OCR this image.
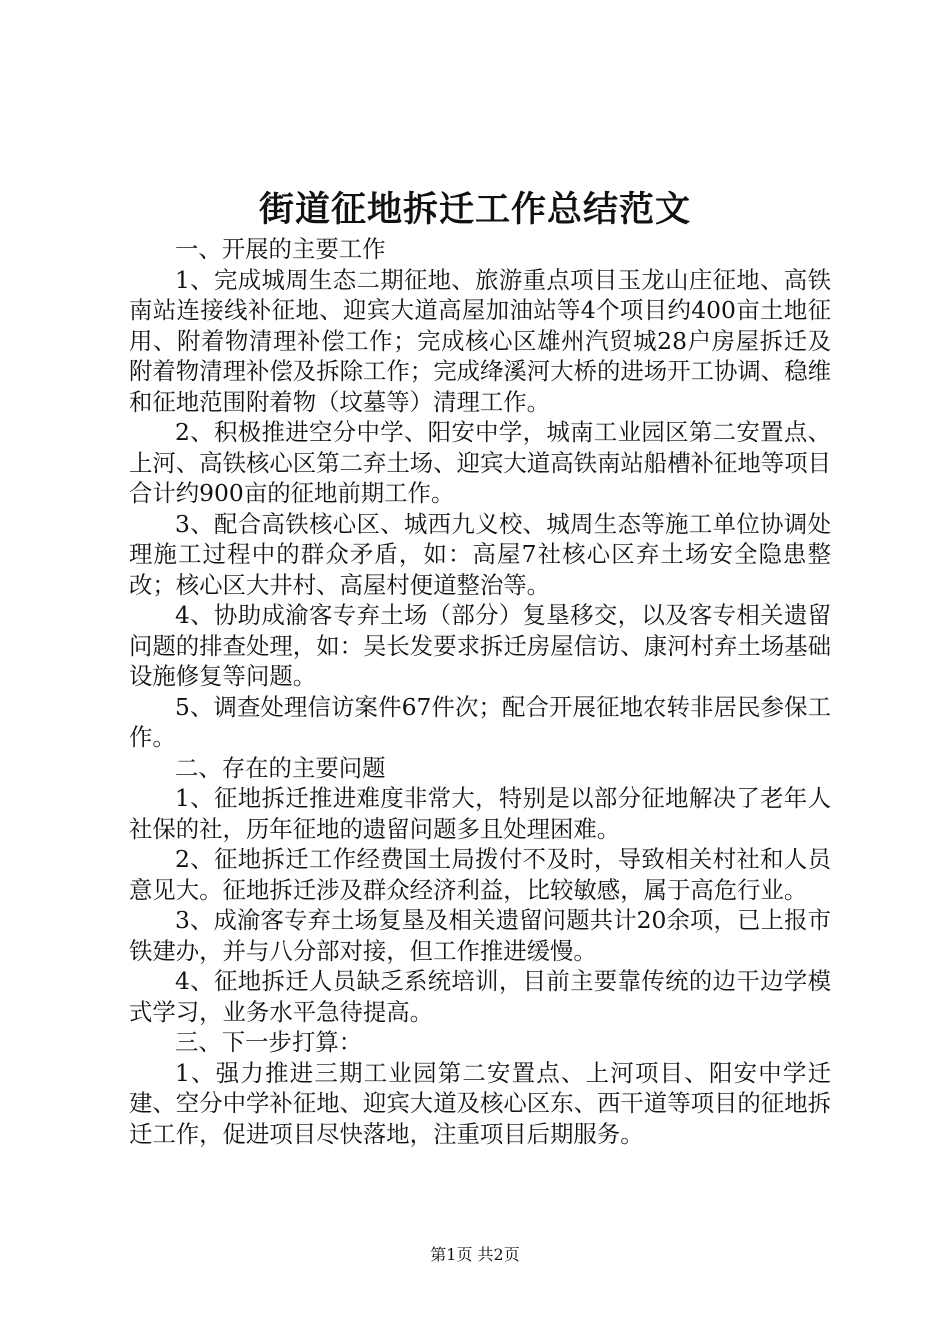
街道征地拆迁工作总结范文

一、开展的主要工作

1、完成城周生态二期征地、旅游重点项目玉龙山庄征地、高铁南站连接线补征地、迎宾大道高屋加油站等4个项目约400亩土地征用、附着物清理补偿工作；完成核心区雄州汽贸城28户房屋拆迁及附着物清理补偿及拆除工作；完成绛溪河大桥的进场开工协调、稳维和征地范围附着物（坟墓等）清理工作。

2、积极推进空分中学、阳安中学，城南工业园区第二安置点、上河、高铁核心区第二弃土场、迎宾大道高铁南站船槽补征地等项目合计约900亩的征地前期工作。

3、配合高铁核心区、城西九义校、城周生态等施工单位协调处理施工过程中的群众矛盾，如：高屋7社核心区弃土场安全隐患整改；核心区大井村、高屋村便道整治等。

4、协助成渝客专弃土场（部分）复垦移交，以及客专相关遗留问题的排查处理，如：吴长发要求拆迁房屋信访、康河村弃土场基础设施修复等问题。

5、调查处理信访案件67件次；配合开展征地农转非居民参保工作。

二、存在的主要问题

1、征地拆迁推进难度非常大，特别是以部分征地解决了老年人社保的社，历年征地的遗留问题多且处理困难。

2、征地拆迁工作经费国土局拨付不及时，导致相关村社和人员意见大。征地拆迁涉及群众经济利益，比较敏感，属于高危行业。

3、成渝客专弃土场复垦及相关遗留问题共计20余项，已上报市铁建办，并与八分部对接，但工作推进缓慢。

4、征地拆迁人员缺乏系统培训，目前主要靠传统的边干边学模式学习，业务水平急待提高。

三、下一步打算：

1、强力推进三期工业园第二安置点、上河项目、阳安中学迁建、空分中学补征地、迎宾大道及核心区东、西干道等项目的征地拆迁工作，促进项目尽快落地，注重项目后期服务。

第1页 共2页
